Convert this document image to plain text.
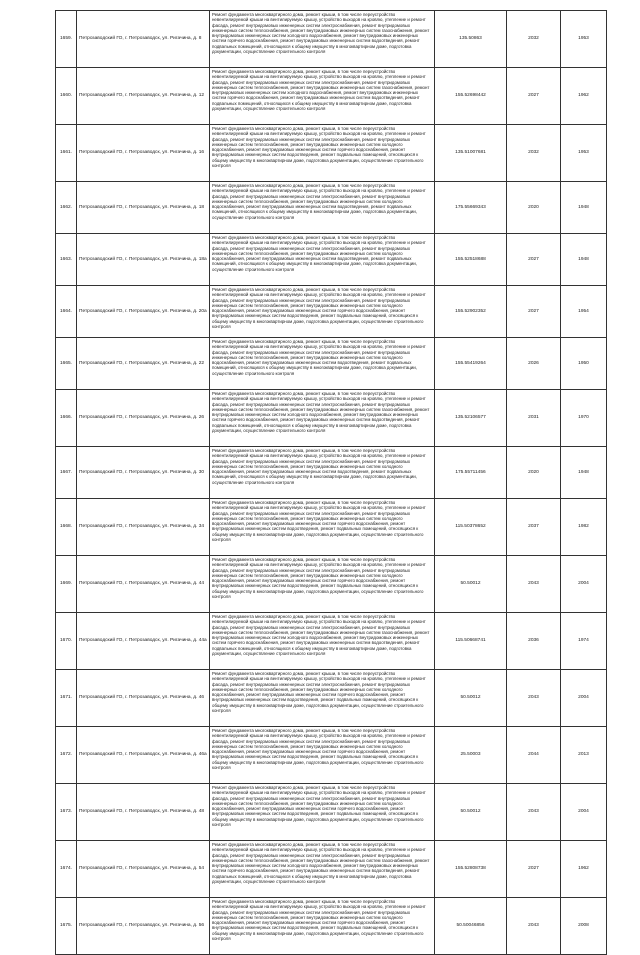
1659.	Петрозаводский ГО, г. Петрозаводск, ул. Ригачина, д. 8	Ремонт фундамента многоквартирного дома, ремонт крыши, в том числе переустройство невентилируемой крыши на вентилируемую крышу, устройство выходов на кровлю, утепление и ремонт фасада, ремонт внутридомовых инженерных систем электроснабжения, ремонт внутридомовых инженерных систем теплоснабжения, ремонт внутридомовых инженерных систем газоснабжения, ремонт внутридомовых инженерных систем холодного водоснабжения, ремонт внутридомовых инженерных систем горячего водоснабжения, ремонт внутридомовых инженерных систем водоотведения, ремонт подвальных помещений, относящихся к общему имуществу в многоквартирном доме, подготовка документации, осуществление строительного контроля	135.50863	2032	1953
1660.	Петрозаводский ГО, г. Петрозаводск, ул. Ригачина, д. 12	Ремонт фундамента многоквартирного дома, ремонт крыши, в том числе переустройство невентилируемой крыши на вентилируемую крышу, устройство выходов на кровлю, утепление и ремонт фасада, ремонт внутридомовых инженерных систем электроснабжения, ремонт внутридомовых инженерных систем теплоснабжения, ремонт внутридомовых инженерных систем газоснабжения, ремонт внутридомовых инженерных систем холодного водоснабжения, ремонт внутридомовых инженерных систем горячего водоснабжения, ремонт внутридомовых инженерных систем водоотведения, ремонт подвальных помещений, относящихся к общему имуществу в многоквартирном доме, подготовка документации, осуществление строительного контроля	155.52698442	2027	1962
1661.	Петрозаводский ГО, г. Петрозаводск, ул. Ригачина, д. 16	Ремонт фундамента многоквартирного дома, ремонт крыши, в том числе переустройство невентилируемой крыши на вентилируемую крышу, устройство выходов на кровлю, утепление и ремонт фасада, ремонт внутридомовых инженерных систем электроснабжения, ремонт внутридомовых инженерных систем теплоснабжения, ремонт внутридомовых инженерных систем холодного водоснабжения, ремонт внутридомовых инженерных систем горячего водоснабжения, ремонт внутридомовых инженерных систем водоотведения, ремонт подвальных помещений, относящихся к общему имуществу в многоквартирном доме, подготовка документации, осуществление строительного контроля	135.51007681	2032	1953
1662.	Петрозаводский ГО, г. Петрозаводск, ул. Ригачина, д. 18	Ремонт фундамента многоквартирного дома, ремонт крыши, в том числе переустройство невентилируемой крыши на вентилируемую крышу, устройство выходов на кровлю, утепление и ремонт фасада, ремонт внутридомовых инженерных систем электроснабжения, ремонт внутридомовых инженерных систем теплоснабжения, ремонт внутридомовых инженерных систем холодного водоснабжения, ремонт внутридомовых инженерных систем водоотведения, ремонт подвальных помещений, относящихся к общему имуществу в многоквартирном доме, подготовка документации, осуществление строительного контроля	175.55669343	2020	1948
1663.	Петрозаводский ГО, г. Петрозаводск, ул. Ригачина, д. 18а	Ремонт фундамента многоквартирного дома, ремонт крыши, в том числе переустройство невентилируемой крыши на вентилируемую крышу, устройство выходов на кровлю, утепление и ремонт фасада, ремонт внутридомовых инженерных систем электроснабжения, ремонт внутридомовых инженерных систем теплоснабжения, ремонт внутридомовых инженерных систем холодного водоснабжения, ремонт внутридомовых инженерных систем водоотведения, ремонт подвальных помещений, относящихся к общему имуществу в многоквартирном доме, подготовка документации, осуществление строительного контроля	155.52518688	2027	1948
1664.	Петрозаводский ГО, г. Петрозаводск, ул. Ригачина, д. 20а	Ремонт фундамента многоквартирного дома, ремонт крыши, в том числе переустройство невентилируемой крыши на вентилируемую крышу, устройство выходов на кровлю, утепление и ремонт фасада, ремонт внутридомовых инженерных систем электроснабжения, ремонт внутридомовых инженерных систем теплоснабжения, ремонт внутридомовых инженерных систем холодного водоснабжения, ремонт внутридомовых инженерных систем горячего водоснабжения, ремонт внутридомовых инженерных систем водоотведения, ремонт подвальных помещений, относящихся к общему имуществу в многоквартирном доме, подготовка документации, осуществление строительного контроля	155.52902352	2027	1954
1665.	Петрозаводский ГО, г. Петрозаводск, ул. Ригачина, д. 22	Ремонт фундамента многоквартирного дома, ремонт крыши, в том числе переустройство невентилируемой крыши на вентилируемую крышу, устройство выходов на кровлю, утепление и ремонт фасада, ремонт внутридомовых инженерных систем электроснабжения, ремонт внутридомовых инженерных систем теплоснабжения, ремонт внутридомовых инженерных систем холодного водоснабжения, ремонт внутридомовых инженерных систем водоотведения, ремонт подвальных помещений, относящихся к общему имуществу в многоквартирном доме, подготовка документации, осуществление строительного контроля	155.55419264	2026	1950
1666.	Петрозаводский ГО, г. Петрозаводск, ул. Ригачина, д. 26	Ремонт фундамента многоквартирного дома, ремонт крыши, в том числе переустройство невентилируемой крыши на вентилируемую крышу, устройство выходов на кровлю, утепление и ремонт фасада, ремонт внутридомовых инженерных систем электроснабжения, ремонт внутридомовых инженерных систем теплоснабжения, ремонт внутридомовых инженерных систем газоснабжения, ремонт внутридомовых инженерных систем холодного водоснабжения, ремонт внутридомовых инженерных систем горячего водоснабжения, ремонт внутридомовых инженерных систем водоотведения, ремонт подвальных помещений, относящихся к общему имуществу в многоквартирном доме, подготовка документации, осуществление строительного контроля	135.52106577	2031	1970
1667.	Петрозаводский ГО, г. Петрозаводск, ул. Ригачина, д. 30	Ремонт фундамента многоквартирного дома, ремонт крыши, в том числе переустройство невентилируемой крыши на вентилируемую крышу, устройство выходов на кровлю, утепление и ремонт фасада, ремонт внутридомовых инженерных систем электроснабжения, ремонт внутридомовых инженерных систем теплоснабжения, ремонт внутридомовых инженерных систем холодного водоснабжения, ремонт внутридомовых инженерных систем водоотведения, ремонт подвальных помещений, относящихся к общему имуществу в многоквартирном доме, подготовка документации, осуществление строительного контроля	175.55711456	2020	1948
1668.	Петрозаводский ГО, г. Петрозаводск, ул. Ригачина, д. 34	Ремонт фундамента многоквартирного дома, ремонт крыши, в том числе переустройство невентилируемой крыши на вентилируемую крышу, устройство выходов на кровлю, утепление и ремонт фасада, ремонт внутридомовых инженерных систем электроснабжения, ремонт внутридомовых инженерных систем теплоснабжения, ремонт внутридомовых инженерных систем холодного водоснабжения, ремонт внутридомовых инженерных систем горячего водоснабжения, ремонт внутридомовых инженерных систем водоотведения, ремонт подвальных помещений, относящихся к общему имуществу в многоквартирном доме, подготовка документации, осуществление строительного контроля	115.50378652	2037	1982
1669.	Петрозаводский ГО, г. Петрозаводск, ул. Ригачина, д. 44	Ремонт фундамента многоквартирного дома, ремонт крыши, в том числе переустройство невентилируемой крыши на вентилируемую крышу, устройство выходов на кровлю, утепление и ремонт фасада, ремонт внутридомовых инженерных систем электроснабжения, ремонт внутридомовых инженерных систем теплоснабжения, ремонт внутридомовых инженерных систем холодного водоснабжения, ремонт внутридомовых инженерных систем горячего водоснабжения, ремонт внутридомовых инженерных систем водоотведения, ремонт подвальных помещений, относящихся к общему имуществу в многоквартирном доме, подготовка документации, осуществление строительного контроля	50.50012	2043	2004
1670.	Петрозаводский ГО, г. Петрозаводск, ул. Ригачина, д. 44а	Ремонт фундамента многоквартирного дома, ремонт крыши, в том числе переустройство невентилируемой крыши на вентилируемую крышу, устройство выходов на кровлю, утепление и ремонт фасада, ремонт внутридомовых инженерных систем электроснабжения, ремонт внутридомовых инженерных систем теплоснабжения, ремонт внутридомовых инженерных систем газоснабжения, ремонт внутридомовых инженерных систем холодного водоснабжения, ремонт внутридомовых инженерных систем горячего водоснабжения, ремонт внутридомовых инженерных систем водоотведения, ремонт подвальных помещений, относящихся к общему имуществу в многоквартирном доме, подготовка документации, осуществление строительного контроля	115.50668741	2036	1974
1671.	Петрозаводский ГО, г. Петрозаводск, ул. Ригачина, д. 46	Ремонт фундамента многоквартирного дома, ремонт крыши, в том числе переустройство невентилируемой крыши на вентилируемую крышу, устройство выходов на кровлю, утепление и ремонт фасада, ремонт внутридомовых инженерных систем электроснабжения, ремонт внутридомовых инженерных систем теплоснабжения, ремонт внутридомовых инженерных систем холодного водоснабжения, ремонт внутридомовых инженерных систем горячего водоснабжения, ремонт внутридомовых инженерных систем водоотведения, ремонт подвальных помещений, относящихся к общему имуществу в многоквартирном доме, подготовка документации, осуществление строительного контроля	50.50012	2043	2004
1672.	Петрозаводский ГО, г. Петрозаводск, ул. Ригачина, д. 46а	Ремонт фундамента многоквартирного дома, ремонт крыши, в том числе переустройство невентилируемой крыши на вентилируемую крышу, устройство выходов на кровлю, утепление и ремонт фасада, ремонт внутридомовых инженерных систем электроснабжения, ремонт внутридомовых инженерных систем теплоснабжения, ремонт внутридомовых инженерных систем холодного водоснабжения, ремонт внутридомовых инженерных систем горячего водоснабжения, ремонт внутридомовых инженерных систем водоотведения, ремонт подвальных помещений, относящихся к общему имуществу в многоквартирном доме, подготовка документации, осуществление строительного контроля	25.50003	2044	2013
1673.	Петрозаводский ГО, г. Петрозаводск, ул. Ригачина, д. 48	Ремонт фундамента многоквартирного дома, ремонт крыши, в том числе переустройство невентилируемой крыши на вентилируемую крышу, устройство выходов на кровлю, утепление и ремонт фасада, ремонт внутридомовых инженерных систем электроснабжения, ремонт внутридомовых инженерных систем теплоснабжения, ремонт внутридомовых инженерных систем холодного водоснабжения, ремонт внутридомовых инженерных систем горячего водоснабжения, ремонт внутридомовых инженерных систем водоотведения, ремонт подвальных помещений, относящихся к общему имуществу в многоквартирном доме, подготовка документации, осуществление строительного контроля	50.50012	2043	2004
1674.	Петрозаводский ГО, г. Петрозаводск, ул. Ригачина, д. 54	Ремонт фундамента многоквартирного дома, ремонт крыши, в том числе переустройство невентилируемой крыши на вентилируемую крышу, устройство выходов на кровлю, утепление и ремонт фасада, ремонт внутридомовых инженерных систем электроснабжения, ремонт внутридомовых инженерных систем теплоснабжения, ремонт внутридомовых инженерных систем газоснабжения, ремонт внутридомовых инженерных систем холодного водоснабжения, ремонт внутридомовых инженерных систем горячего водоснабжения, ремонт внутридомовых инженерных систем водоотведения, ремонт подвальных помещений, относящихся к общему имуществу в многоквартирном доме, подготовка документации, осуществление строительного контроля	155.52808738	2027	1962
1675.	Петрозаводский ГО, г. Петрозаводск, ул. Ригачина, д. 56	Ремонт фундамента многоквартирного дома, ремонт крыши, в том числе переустройство невентилируемой крыши на вентилируемую крышу, устройство выходов на кровлю, утепление и ремонт фасада, ремонт внутридомовых инженерных систем электроснабжения, ремонт внутридомовых инженерных систем теплоснабжения, ремонт внутридомовых инженерных систем холодного водоснабжения, ремонт внутридомовых инженерных систем горячего водоснабжения, ремонт внутридомовых инженерных систем водоотведения, ремонт подвальных помещений, относящихся к общему имуществу в многоквартирном доме, подготовка документации, осуществление строительного контроля	50.50046856	2043	2008
